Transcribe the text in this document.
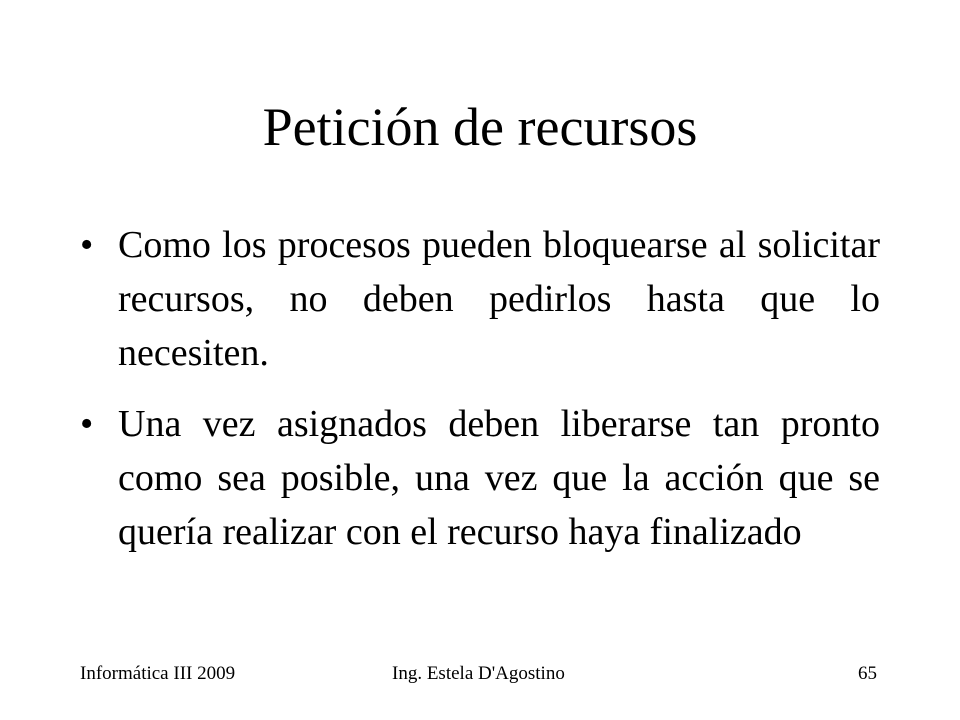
Petición de recursos
• Como los procesos pueden bloquearse al solicitar recursos, no deben pedirlos hasta que lo necesiten.
• Una vez asignados deben liberarse tan pronto como sea posible, una vez que la acción que se quería realizar con el recurso haya finalizado
Informática III 2009	Ing. Estela D'Agostino	65
